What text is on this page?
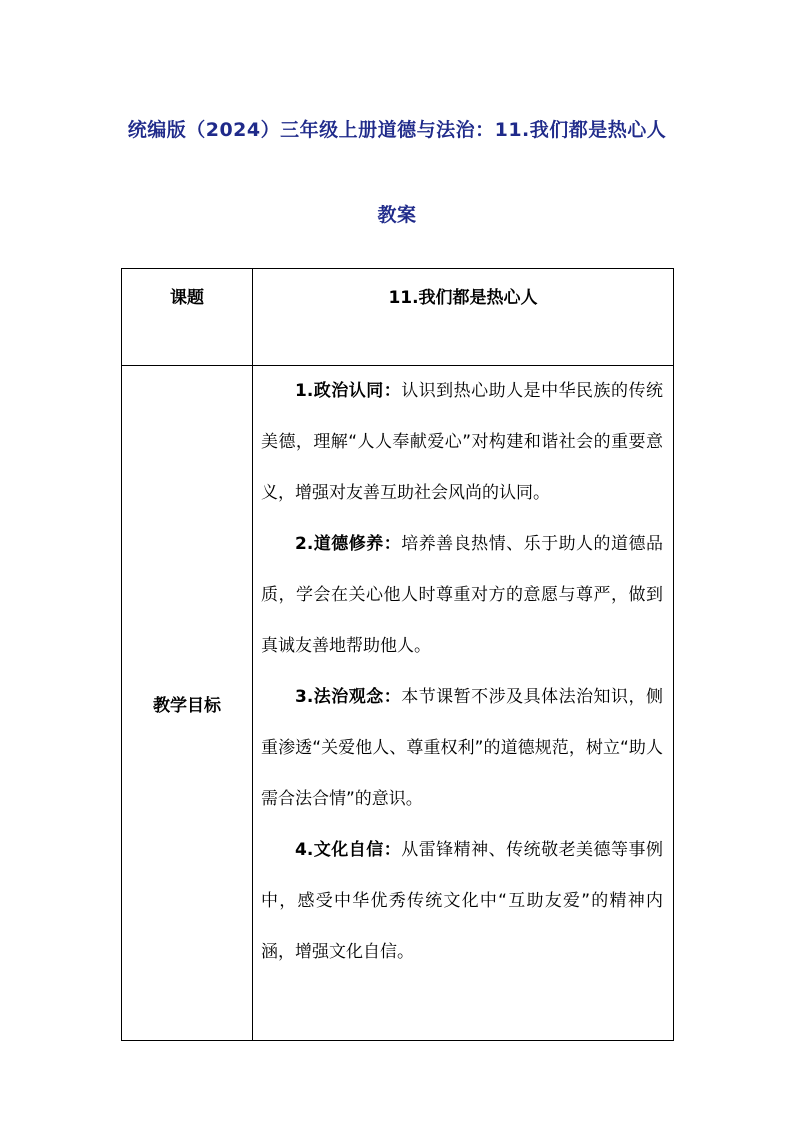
统编版（2024）三年级上册道德与法治：11.我们都是热心人
教案
课题	11.我们都是热心人

教学目标	1.政治认同：认识到热心助人是中华民族的传统美德，理解“人人奉献爱心”对构建和谐社会的重要意义，增强对友善互助社会风尚的认同。

2.道德修养：培养善良热情、乐于助人的道德品质，学会在关心他人时尊重对方的意愿与尊严，做到真诚友善地帮助他人。

3.法治观念：本节课暂不涉及具体法治知识，侧重渗透“关爱他人、尊重权利”的道德规范，树立“助人需合法合情”的意识。

4.文化自信：从雷锋精神、传统敬老美德等事例中，感受中华优秀传统文化中“互助友爱”的精神内涵，增强文化自信。
